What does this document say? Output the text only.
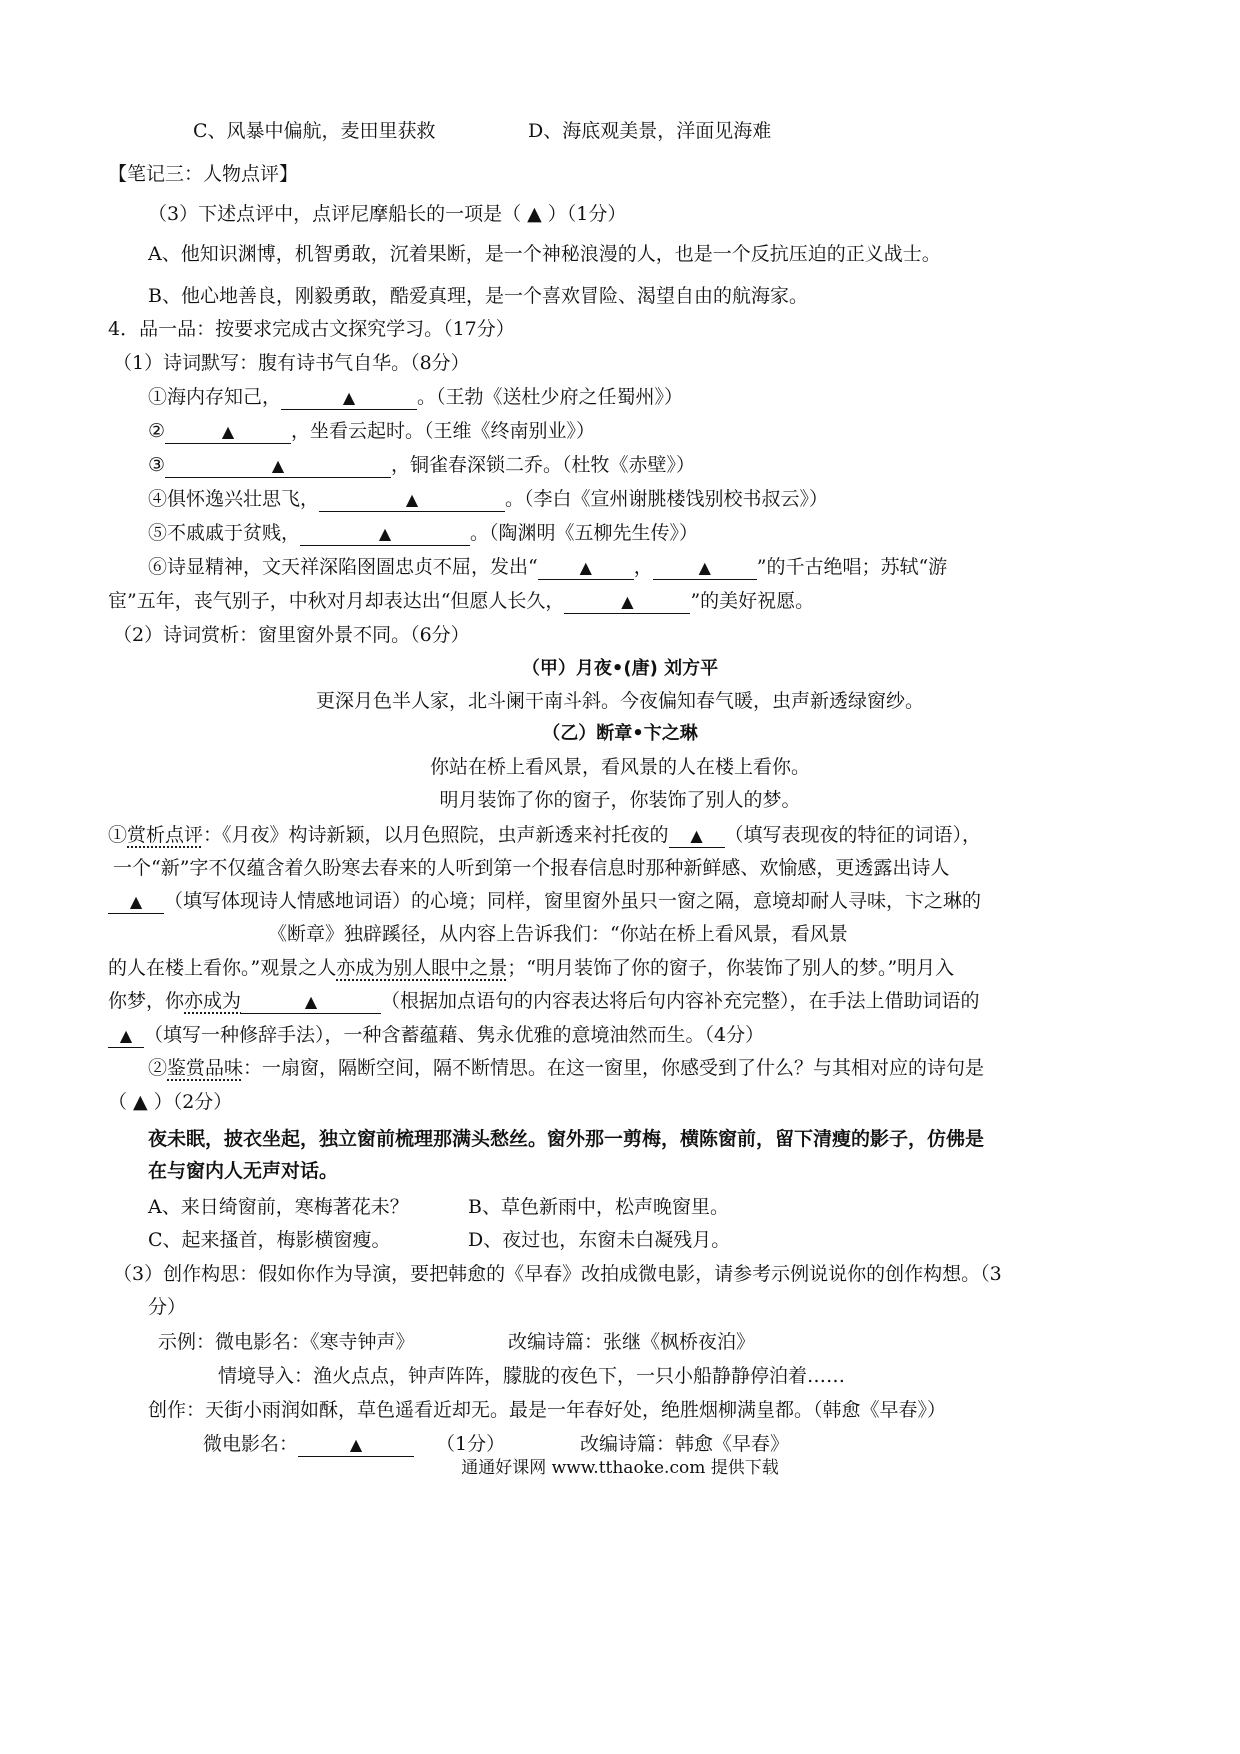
C、风暴中偏航，麦田里获救	D、海底观美景，洋面见海难
【笔记三：人物点评】
（3）下述点评中，点评尼摩船长的一项是（ ▲ ）（1分）
A、他知识渊博，机智勇敢，沉着果断，是一个神秘浪漫的人，也是一个反抗压迫的正义战士。
B、他心地善良，刚毅勇敢，酷爱真理，是一个喜欢冒险、渴望自由的航海家。
4．品一品：按要求完成古文探究学习。（17分）
（1）诗词默写：腹有诗书气自华。（8分）
①海内存知己，	▲	。（王勃《送杜少府之任蜀州》）
②	▲	，坐看云起时。（王维《终南别业》）
③	▲	，铜雀春深锁二乔。（杜牧《赤壁》）
④俱怀逸兴壮思飞，	▲	。（李白《宣州谢朓楼饯别校书叔云》）
⑤不戚戚于贫贱，	▲	。（陶渊明《五柳先生传》）
⑥诗显精神，文天祥深陷囹圄忠贞不屈，发出“	▲ ，	▲ ”的千古绝唱；苏轼“游
宦”五年，丧气别子，中秋对月却表达出“但愿人长久，	▲	”的美好祝愿。
（2）诗词赏析：窗里窗外景不同。（6分）
（甲）月夜•(唐) 刘方平
更深月色半人家，北斗阑干南斗斜。今夜偏知春气暖，虫声新透绿窗纱。
（乙）断章•卞之琳
你站在桥上看风景，看风景的人在楼上看你。
明月装饰了你的窗子，你装饰了别人的梦。
①赏析点评：《月夜》构诗新颖，以月色照院，虫声新透来衬托夜的 ▲ （填写表现夜的特征的词语），
一个“新”字不仅蕴含着久盼寒去春来的人听到第一个报春信息时那种新鲜感、欢愉感，更透露出诗人
▲ （填写体现诗人情感地词语）的心境；同样，窗里窗外虽只一窗之隔，意境却耐人寻味，卞之琳的
《断章》独辟蹊径，从内容上告诉我们：“你站在桥上看风景，看风景
的人在楼上看你。”观景之人亦成为别人眼中之景；“明月装饰了你的窗子，你装饰了别人的梦。”明月入
你梦，你亦成为	▲	（根据加点语句的内容表达将后句内容补充完整），在手法上借助词语的
▲ （填写一种修辞手法），一种含蓄蕴藉、隽永优雅的意境油然而生。（4分）
②鉴赏品味：一扇窗，隔断空间，隔不断情思。在这一窗里，你感受到了什么？与其相对应的诗句是
（ ▲ ）（2分）
夜未眠，披衣坐起，独立窗前梳理那满头愁丝。窗外那一剪梅，横陈窗前，留下清瘦的影子，仿佛是
在与窗内人无声对话。
A、来日绮窗前，寒梅著花未？	B、草色新雨中，松声晚窗里。
C、起来搔首，梅影横窗瘦。	D、夜过也，东窗未白凝残月。
（3）创作构思：假如你作为导演，要把韩愈的《早春》改拍成微电影，请参考示例说说你的创作构想。（3
分）
示例：微电影名：《寒寺钟声》	改编诗篇：张继《枫桥夜泊》
情境导入：渔火点点，钟声阵阵，朦胧的夜色下，一只小船静静停泊着……
创作：天街小雨润如酥，草色遥看近却无。最是一年春好处，绝胜烟柳满皇都。（韩愈《早春》）
微电影名：	▲	（1分）	改编诗篇：韩愈《早春》
通通好课网 www.tthaoke.com 提供下载
